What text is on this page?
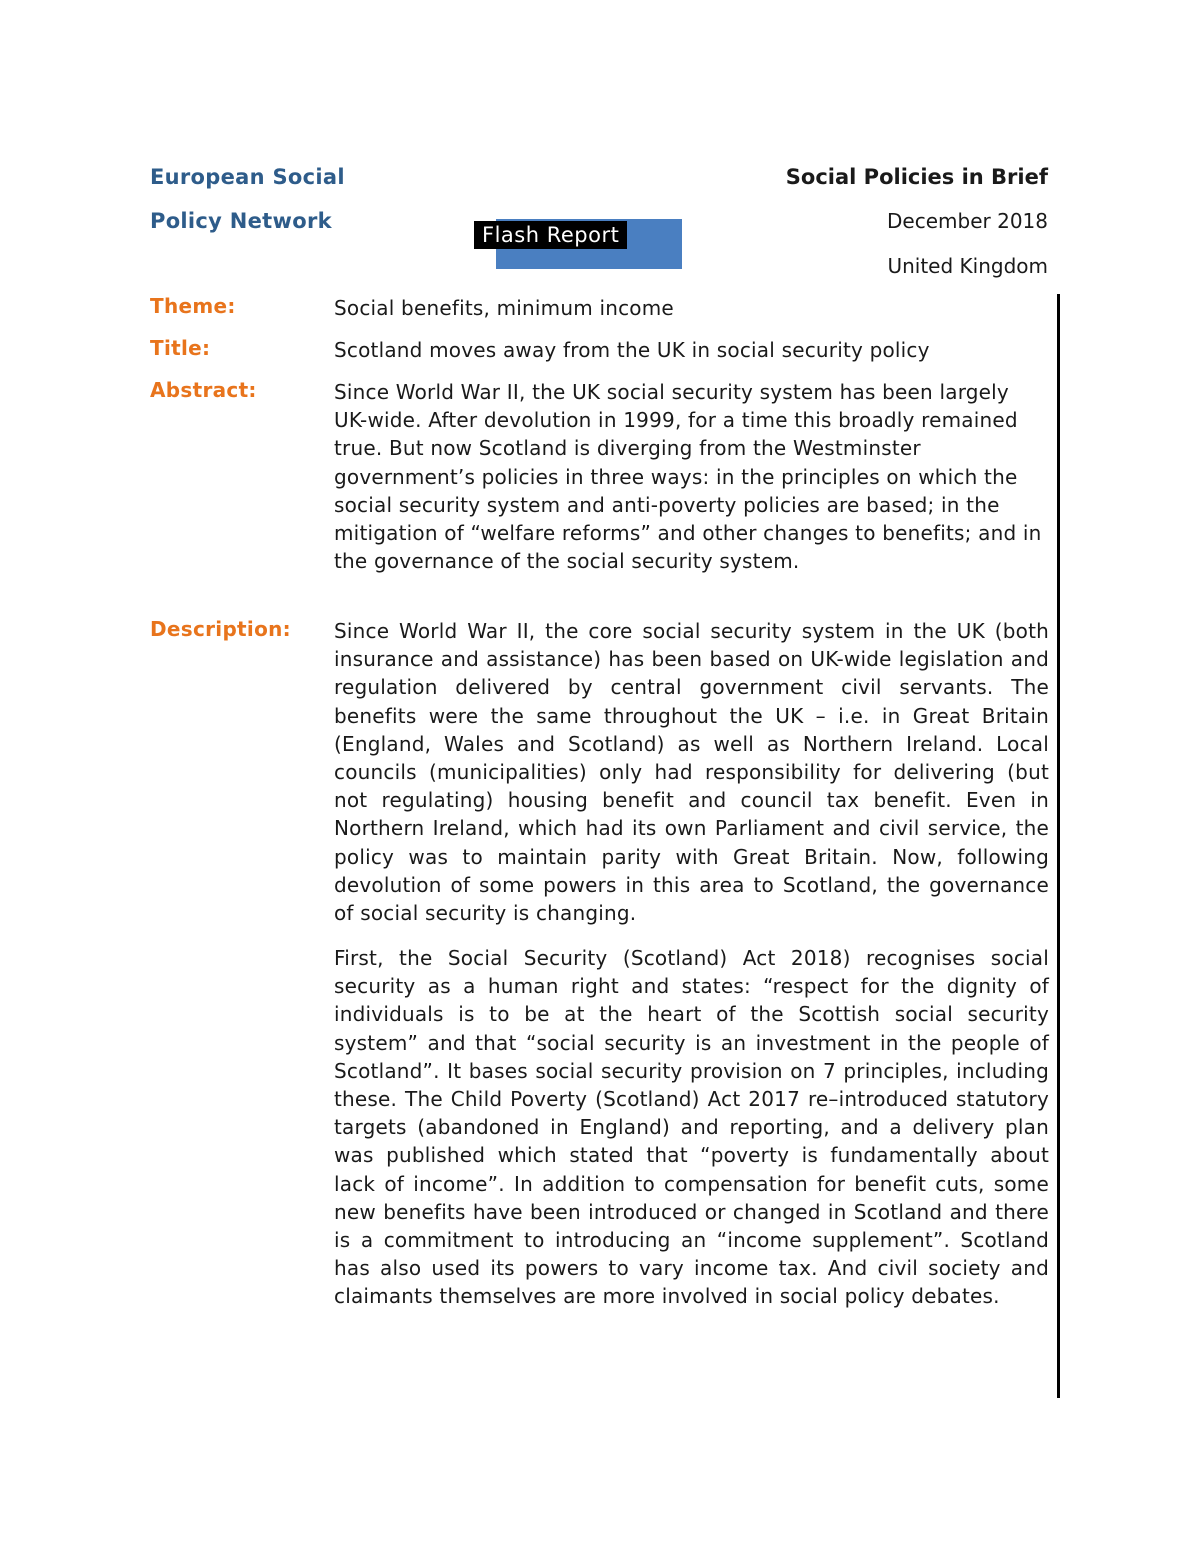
European Social
Policy Network
Flash Report
Social Policies in Brief
December 2018
United Kingdom
Theme:	Social benefits, minimum income
Title:	Scotland moves away from the UK in social security policy
Abstract:	Since World War II, the UK social security system has been largely UK-wide. After devolution in 1999, for a time this broadly remained true. But now Scotland is diverging from the Westminster government’s policies in three ways: in the principles on which the social security system and anti-poverty policies are based; in the mitigation of “welfare reforms” and other changes to benefits; and in the governance of the social security system.
Description: Since World War II, the core social security system in the UK (both insurance and assistance) has been based on UK-wide legislation and regulation delivered by central government civil servants. The benefits were the same throughout the UK – i.e. in Great Britain (England, Wales and Scotland) as well as Northern Ireland. Local councils (municipalities) only had responsibility for delivering (but not regulating) housing benefit and council tax benefit. Even in Northern Ireland, which had its own Parliament and civil service, the policy was to maintain parity with Great Britain. Now, following devolution of some powers in this area to Scotland, the governance of social security is changing.
First, the Social Security (Scotland) Act 2018) recognises social security as a human right and states: “respect for the dignity of individuals is to be at the heart of the Scottish social security system” and that “social security is an investment in the people of Scotland”. It bases social security provision on 7 principles, including these. The Child Poverty (Scotland) Act 2017 re–introduced statutory targets (abandoned in England) and reporting, and a delivery plan was published which stated that “poverty is fundamentally about lack of income”. In addition to compensation for benefit cuts, some new benefits have been introduced or changed in Scotland and there is a commitment to introducing an “income supplement”. Scotland has also used its powers to vary income tax. And civil society and claimants themselves are more involved in social policy debates.
